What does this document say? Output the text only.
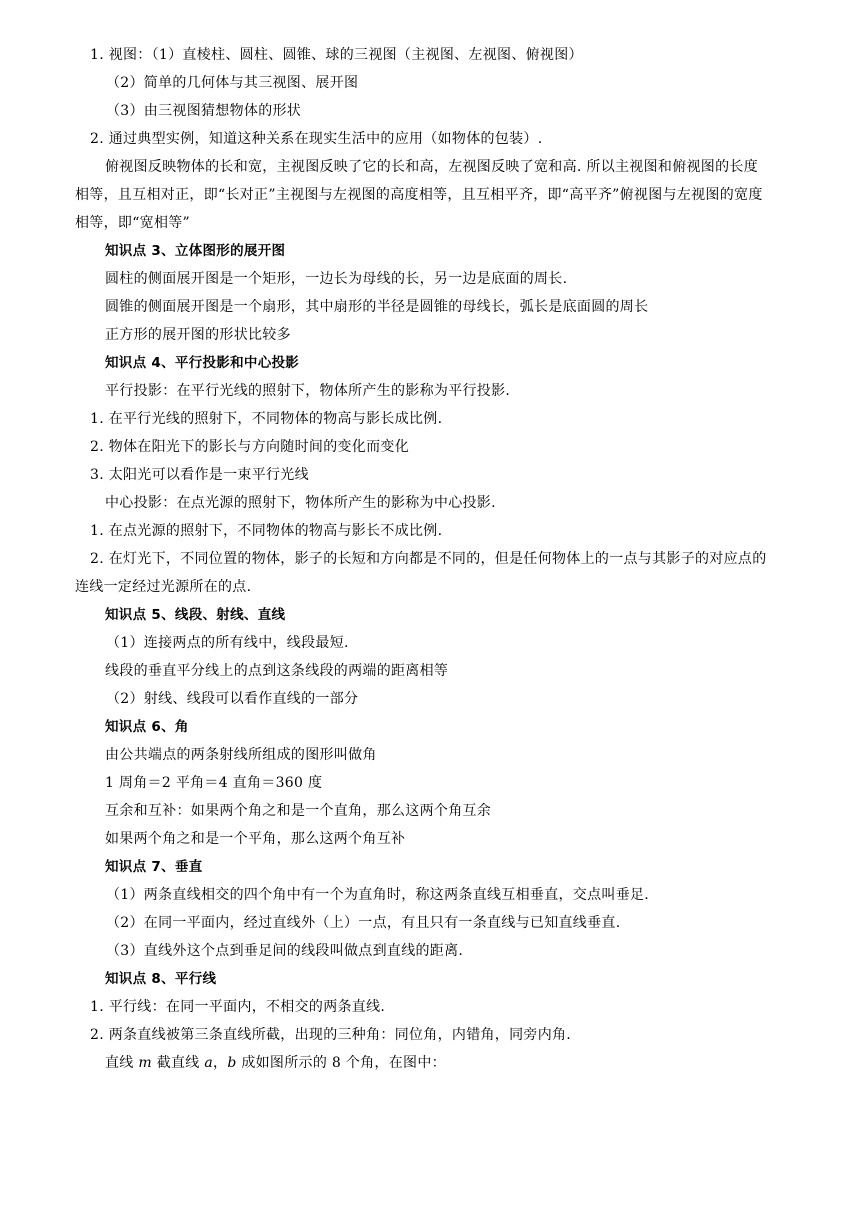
1. 视图：（1）直棱柱、圆柱、圆锥、球的三视图（主视图、左视图、俯视图）
（2）简单的几何体与其三视图、展开图
（3）由三视图猜想物体的形状
2. 通过典型实例，知道这种关系在现实生活中的应用（如物体的包装）.
俯视图反映物体的长和宽，主视图反映了它的长和高，左视图反映了宽和高. 所以主视图和俯视图的长度
相等，且互相对正，即“长对正”主视图与左视图的高度相等，且互相平齐，即“高平齐”俯视图与左视图的宽度
相等，即“宽相等”
知识点 3、立体图形的展开图
圆柱的侧面展开图是一个矩形，一边长为母线的长，另一边是底面的周长.
圆锥的侧面展开图是一个扇形，其中扇形的半径是圆锥的母线长，弧长是底面圆的周长
正方形的展开图的形状比较多
知识点 4、平行投影和中心投影
平行投影：在平行光线的照射下，物体所产生的影称为平行投影.
1. 在平行光线的照射下，不同物体的物高与影长成比例.
2. 物体在阳光下的影长与方向随时间的变化而变化
3. 太阳光可以看作是一束平行光线
中心投影：在点光源的照射下，物体所产生的影称为中心投影.
1. 在点光源的照射下，不同物体的物高与影长不成比例.
2. 在灯光下，不同位置的物体，影子的长短和方向都是不同的，但是任何物体上的一点与其影子的对应点的
连线一定经过光源所在的点.
知识点 5、线段、射线、直线
（1）连接两点的所有线中，线段最短.
线段的垂直平分线上的点到这条线段的两端的距离相等
（2）射线、线段可以看作直线的一部分
知识点 6、角
由公共端点的两条射线所组成的图形叫做角
1 周角＝2 平角＝4 直角＝360 度
互余和互补：如果两个角之和是一个直角，那么这两个角互余
如果两个角之和是一个平角，那么这两个角互补
知识点 7、垂直
（1）两条直线相交的四个角中有一个为直角时，称这两条直线互相垂直，交点叫垂足.
（2）在同一平面内，经过直线外（上）一点，有且只有一条直线与已知直线垂直.
（3）直线外这个点到垂足间的线段叫做点到直线的距离.
知识点 8、平行线
1. 平行线：在同一平面内，不相交的两条直线.
2. 两条直线被第三条直线所截，出现的三种角：同位角，内错角，同旁内角.
直线 m 截直线 a，b 成如图所示的 8 个角，在图中：
